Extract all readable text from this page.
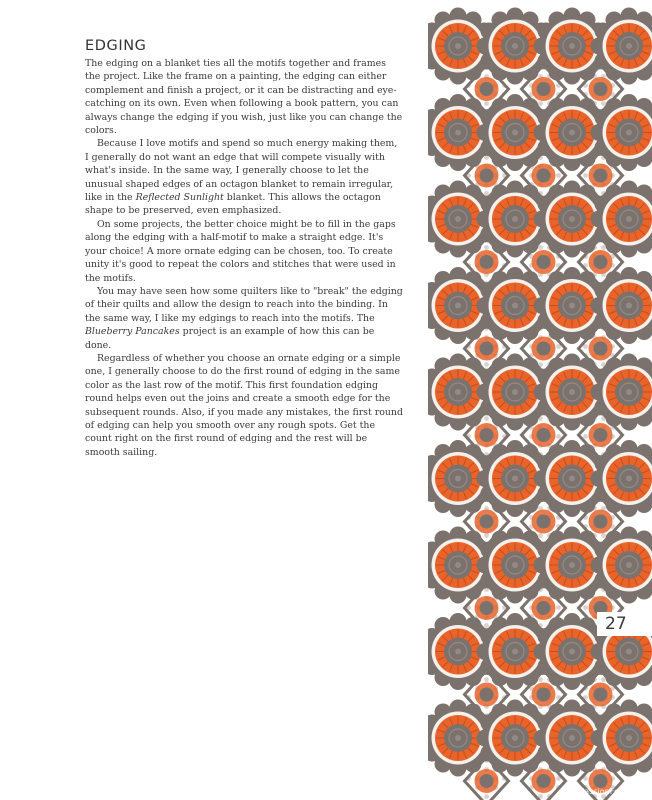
EDGING

The edging on a blanket ties all the motifs together and frames the project. Like the frame on a painting, the edging can either complement and finish a project, or it can be distracting and eye-catching on its own. Even when following a book pattern, you can always change the edging if you wish, just like you can change the colors.

Because I love motifs and spend so much energy making them, I generally do not want an edge that will compete visually with what's inside. In the same way, I generally choose to let the unusual shaped edges of an octagon blanket to remain irregular, like in the Reflected Sunlight blanket. This allows the octagon shape to be preserved, even emphasized.

On some projects, the better choice might be to fill in the gaps along the edging with a half-motif to make a straight edge. It's your choice! A more ornate edging can be chosen, too. To create unity it's good to repeat the colors and stitches that were used in the motifs.

You may have seen how some quilters like to "break" the edging of their quilts and allow the design to reach into the binding. In the same way, I like my edgings to reach into the motifs. The Blueberry Pancakes project is an example of how this can be done.

Regardless of whether you choose an ornate edging or a simple one, I generally choose to do the first round of edging in the same color as the last row of the motif. This first foundation edging round helps even out the joins and create a smooth edge for the subsequent rounds. Also, if you made any mistakes, the first round of edging can help you smooth over any rough spots. Get the count right on the first round of edging and the rest will be smooth sailing.

27
PassionForum.ru
